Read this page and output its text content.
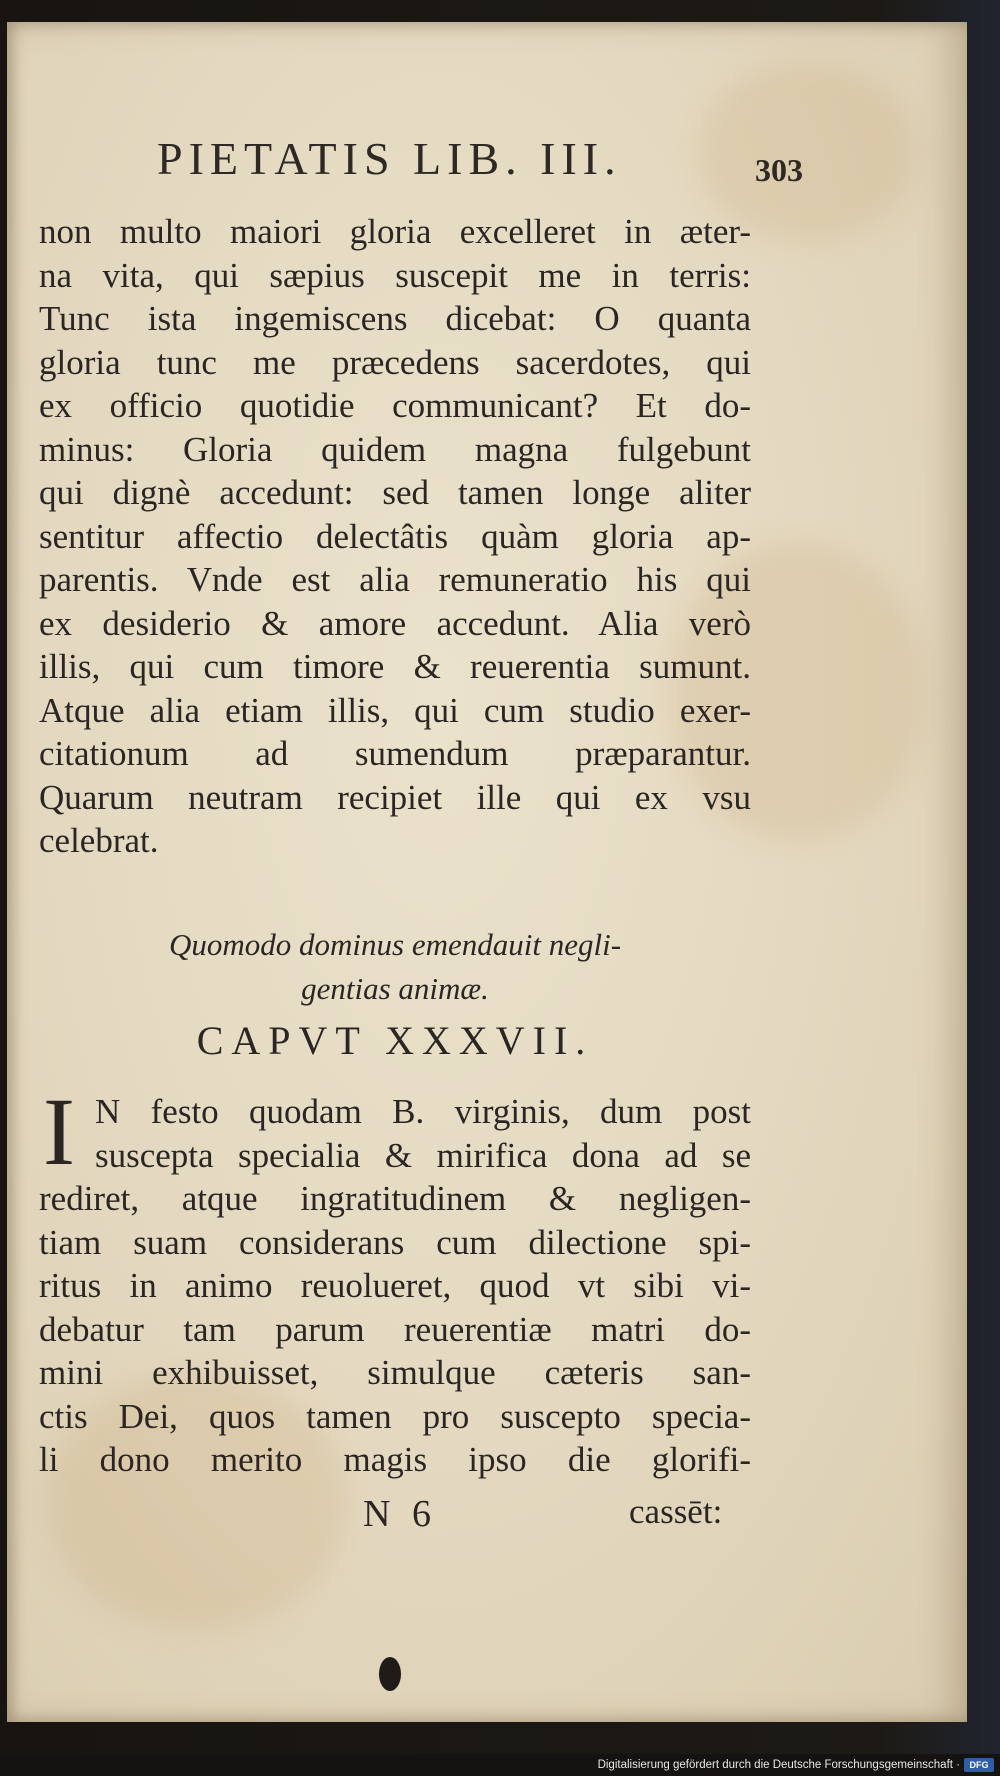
PIETATIS LIB. III.	303
non multo maiori gloria excelleret in æter-
na vita, qui sæpius suscepit me in terris:
Tunc ista ingemiscens dicebat: O quanta
gloria tunc me præcedens sacerdotes, qui
ex officio quotidie communicant? Et do-
minus: Gloria quidem magna fulgebunt
qui dignè accedunt: sed tamen longe aliter
sentitur affectio delectâtis quàm gloria ap-
parentis. Vnde est alia remuneratio his qui
ex desiderio & amore accedunt. Alia verò
illis, qui cum timore & reuerentia sumunt.
Atque alia etiam illis, qui cum studio exer-
citationum ad sumendum præparantur.
Quarum neutram recipiet ille qui ex vsu
celebrat.
Quomodo dominus emendauit negli-
gentias animæ.
CAPVT XXXVII.
I N festo quodam B. virginis, dum post
suscepta specialia & mirifica dona ad se
rediret, atque ingratitudinem & negligen-
tiam suam considerans cum dilectione spi-
ritus in animo reuolueret, quod vt sibi vi-
debatur tam parum reuerentiæ matri do-
mini exhibuisset, simulque cæteris san-
ctis Dei, quos tamen pro suscepto specia-
li dono merito magis ipso die glorifi-
N 6	cassēt:
Digitalisierung gefördert durch die Deutsche Forschungsgemeinschaft ·	DFG
